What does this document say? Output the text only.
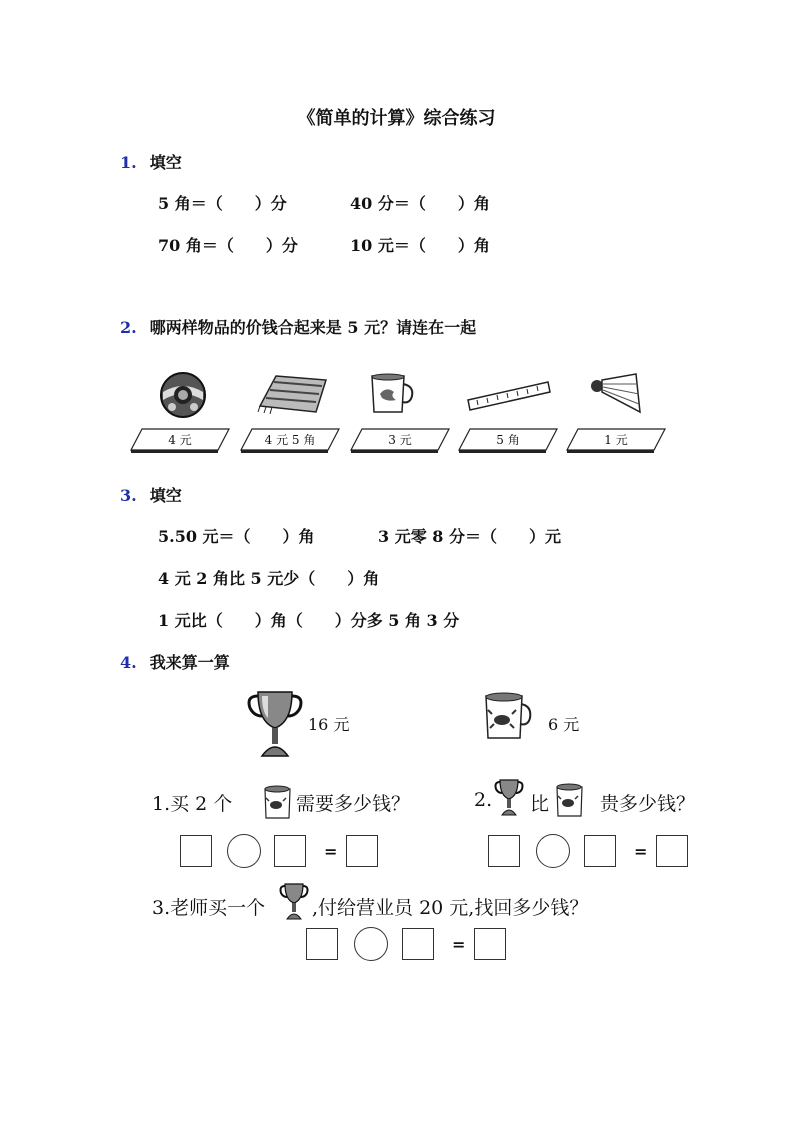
《简单的计算》综合练习
1. 填空
5 角＝（　　）分	40 分＝（　　）角
70 角＝（　　）分	10 元＝（　　）角
2. 哪两样物品的价钱合起来是 5 元？请连在一起
4 元	4 元 5 角	3 元	5 角	1 元
3. 填空
5.50 元＝（　　）角	3 元零 8 分＝（　　）元
4 元 2 角比 5 元少（　　）角
1 元比（　　）角（　　）分多 5 角 3 分
4. 我来算一算
16 元	6 元
1.买 2 个	需要多少钱？
=
2. 比	贵多少钱？
=
3.老师买一个 ,付给营业员 20 元,找回多少钱？
=
